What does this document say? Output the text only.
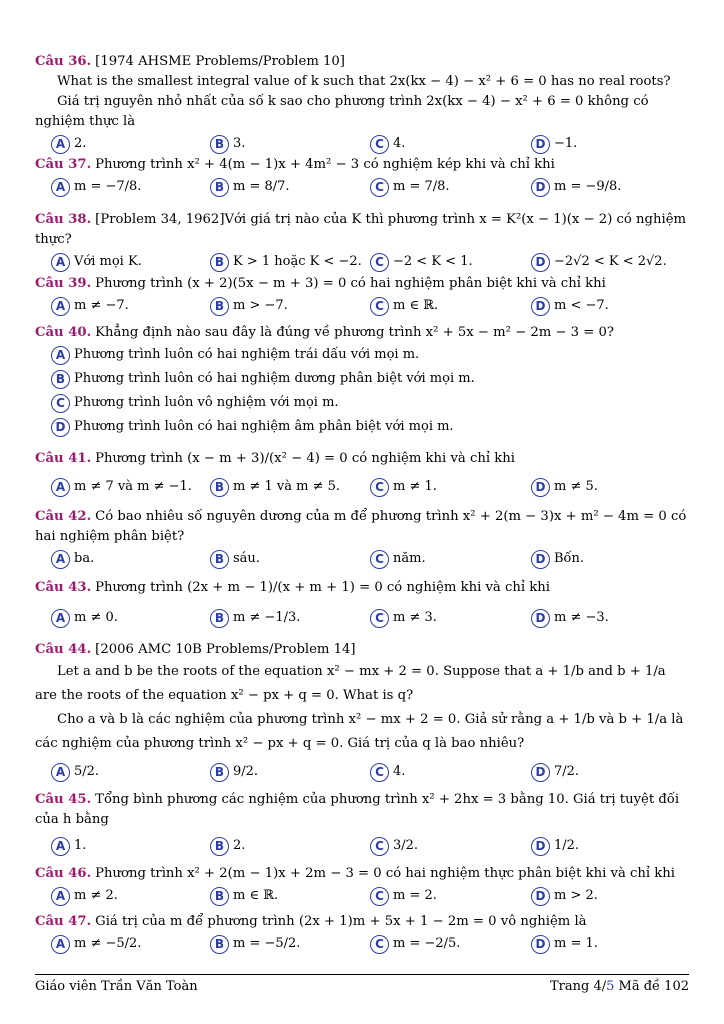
Câu 36. [1974 AHSME Problems/Problem 10]
What is the smallest integral value of k such that 2x(kx − 4) − x² + 6 = 0 has no real roots?
Giá trị nguyên nhỏ nhất của số k sao cho phương trình 2x(kx − 4) − x² + 6 = 0 không có nghiệm thực là
A 2.	B 3.	C 4.	D −1.
Câu 37. Phương trình x² + 4(m − 1)x + 4m² − 3 có nghiệm kép khi và chỉ khi
A m = −7/8.	B m = 8/7.	C m = 7/8.	D m = −9/8.
Câu 38. [Problem 34, 1962]Với giá trị nào của K thì phương trình x = K²(x − 1)(x − 2) có nghiệm thực?
A Với mọi K.	B K > 1 hoặc K < −2.	C −2 < K < 1.	D −2√2 < K < 2√2.
Câu 39. Phương trình (x + 2)(5x − m + 3) = 0 có hai nghiệm phân biệt khi và chỉ khi
A m ≠ −7.	B m > −7.	C m ∈ ℝ.	D m < −7.
Câu 40. Khẳng định nào sau đây là đúng về phương trình x² + 5x − m² − 2m − 3 = 0?
A Phương trình luôn có hai nghiệm trái dấu với mọi m.
B Phương trình luôn có hai nghiệm dương phân biệt với mọi m.
C Phương trình luôn vô nghiệm với mọi m.
D Phương trình luôn có hai nghiệm âm phân biệt với mọi m.
Câu 41. Phương trình (x − m + 3)/(x² − 4) = 0 có nghiệm khi và chỉ khi
A m ≠ 7 và m ≠ −1.	B m ≠ 1 và m ≠ 5.	C m ≠ 1.	D m ≠ 5.
Câu 42. Có bao nhiêu số nguyên dương của m để phương trình x² + 2(m − 3)x + m² − 4m = 0 có hai nghiệm phân biệt?
A ba.	B sáu.	C năm.	D Bốn.
Câu 43. Phương trình (2x + m − 1)/(x + m + 1) = 0 có nghiệm khi và chỉ khi
A m ≠ 0.	B m ≠ −1/3.	C m ≠ 3.	D m ≠ −3.
Câu 44. [2006 AMC 10B Problems/Problem 14]
Let a and b be the roots of the equation x² − mx + 2 = 0. Suppose that a + 1/b and b + 1/a are the roots of the equation x² − px + q = 0. What is q?
Cho a và b là các nghiệm của phương trình x² − mx + 2 = 0. Giả sử rằng a + 1/b và b + 1/a là các nghiệm của phương trình x² − px + q = 0. Giá trị của q là bao nhiêu?
A 5/2.	B 9/2.	C 4.	D 7/2.
Câu 45. Tổng bình phương các nghiệm của phương trình x² + 2hx = 3 bằng 10. Giá trị tuyệt đối của h bằng
A 1.	B 2.	C 3/2.	D 1/2.
Câu 46. Phương trình x² + 2(m − 1)x + 2m − 3 = 0 có hai nghiệm thực phân biệt khi và chỉ khi
A m ≠ 2.	B m ∈ ℝ.	C m = 2.	D m > 2.
Câu 47. Giá trị của m để phương trình (2x + 1)m + 5x + 1 − 2m = 0 vô nghiệm là
A m ≠ −5/2.	B m = −5/2.	C m = −2/5.	D m = 1.
Giáo viên Trần Văn Toàn	Trang 4/5 Mã đề 102
